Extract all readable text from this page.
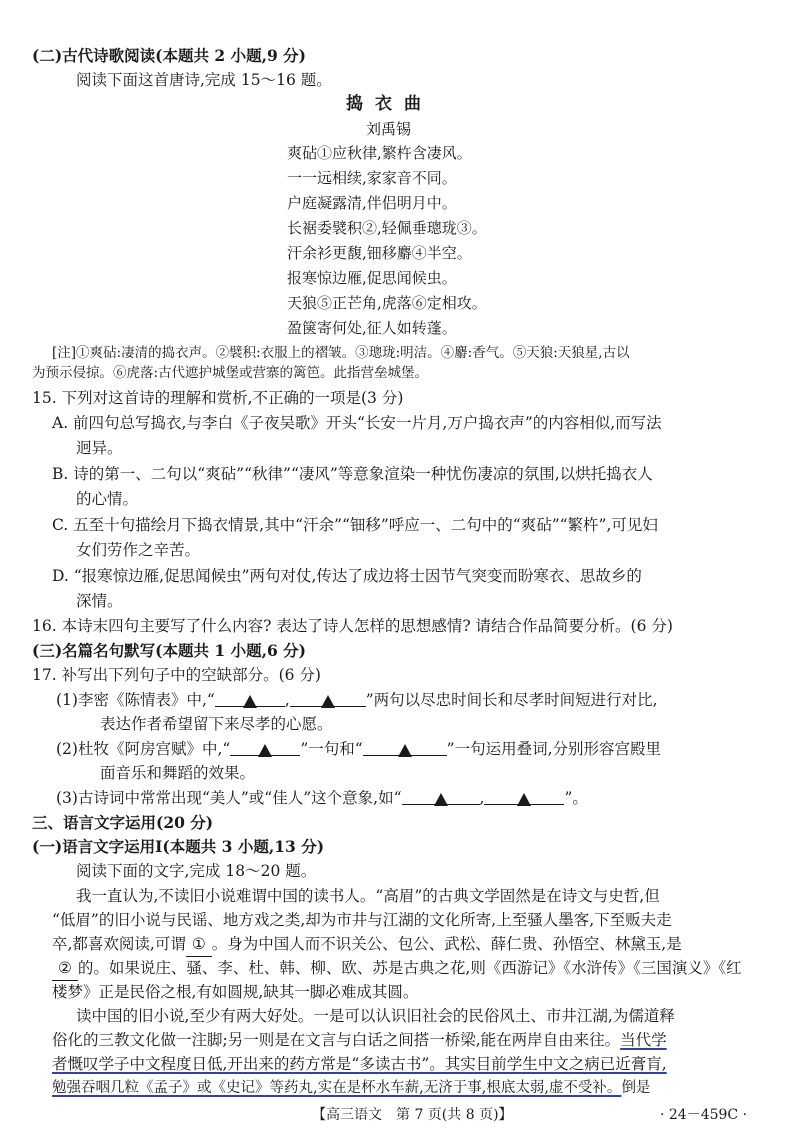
(二)古代诗歌阅读(本题共 2 小题,9 分)
阅读下面这首唐诗,完成 15～16 题。
捣衣曲
刘禹锡
爽砧①应秋律,繁杵含凄风。
一一远相续,家家音不同。
户庭凝露清,伴侣明月中。
长裾委襞积②,轻佩垂璁珑③。
汗余衫更馥,钿移麝④半空。
报寒惊边雁,促思闻候虫。
天狼⑤正芒角,虎落⑥定相攻。
盈箧寄何处,征人如转蓬。
[注]①爽砧:凄清的捣衣声。②襞积:衣服上的褶皱。③璁珑:明洁。④麝:香气。⑤天狼:天狼星,古以
为预示侵掠。⑥虎落:古代遮护城堡或营寨的篱笆。此指营垒城堡。
15. 下列对这首诗的理解和赏析,不正确的一项是(3 分)
A. 前四句总写捣衣,与李白《子夜吴歌》开头“长安一片月,万户捣衣声”的内容相似,而写法
迥异。
B. 诗的第一、二句以“爽砧”“秋律”“凄风”等意象渲染一种忧伤凄凉的氛围,以烘托捣衣人
的心情。
C. 五至十句描绘月下捣衣情景,其中“汗余”“钿移”呼应一、二句中的“爽砧”“繁杵”,可见妇
女们劳作之辛苦。
D. “报寒惊边雁,促思闻候虫”两句对仗,传达了成边将士因节气突变而盼寒衣、思故乡的
深情。
16. 本诗末四句主要写了什么内容? 表达了诗人怎样的思想感情? 请结合作品简要分析。(6 分)
(三)名篇名句默写(本题共 1 小题,6 分)
17. 补写出下列句子中的空缺部分。(6 分)
(1)李密《陈情表》中,“	,	”两句以尽忠时间长和尽孝时间短进行对比,
表达作者希望留下来尽孝的心愿。
(2)杜牧《阿房宫赋》中,“	”一句和“	”一句运用叠词,分别形容宫殿里
面音乐和舞蹈的效果。
(3)古诗词中常常出现“美人”或“佳人”这个意象,如“	,	”。
三、语言文字运用(20 分)
(一)语言文字运用Ⅰ(本题共 3 小题,13 分)
阅读下面的文字,完成 18～20 题。
我一直认为,不读旧小说难谓中国的读书人。“高眉”的古典文学固然是在诗文与史哲,但
“低眉”的旧小说与民谣、地方戏之类,却为市井与江湖的文化所寄,上至骚人墨客,下至贩夫走
卒,都喜欢阅读,可谓 ① 。身为中国人而不识关公、包公、武松、薛仁贵、孙悟空、林黛玉,是
② 的。如果说庄、骚、李、杜、韩、柳、欧、苏是古典之花,则《西游记》《水浒传》《三国演义》《红
楼梦》正是民俗之根,有如圆规,缺其一脚必难成其圆。
读中国的旧小说,至少有两大好处。一是可以认识旧社会的民俗风土、市井江湖,为儒道释
俗化的三教文化做一注脚;另一则是在文言与白话之间搭一桥梁,能在两岸自由来往。当代学
者慨叹学子中文程度日低,开出来的药方常是“多读古书”。其实目前学生中文之病已近膏肓,
勉强吞咽几粒《孟子》或《史记》等药丸,实在是杯水车薪,无济于事,根底太弱,虚不受补。倒是
【高三语文　第 7 页(共 8 页)】	· 24－459C ·
